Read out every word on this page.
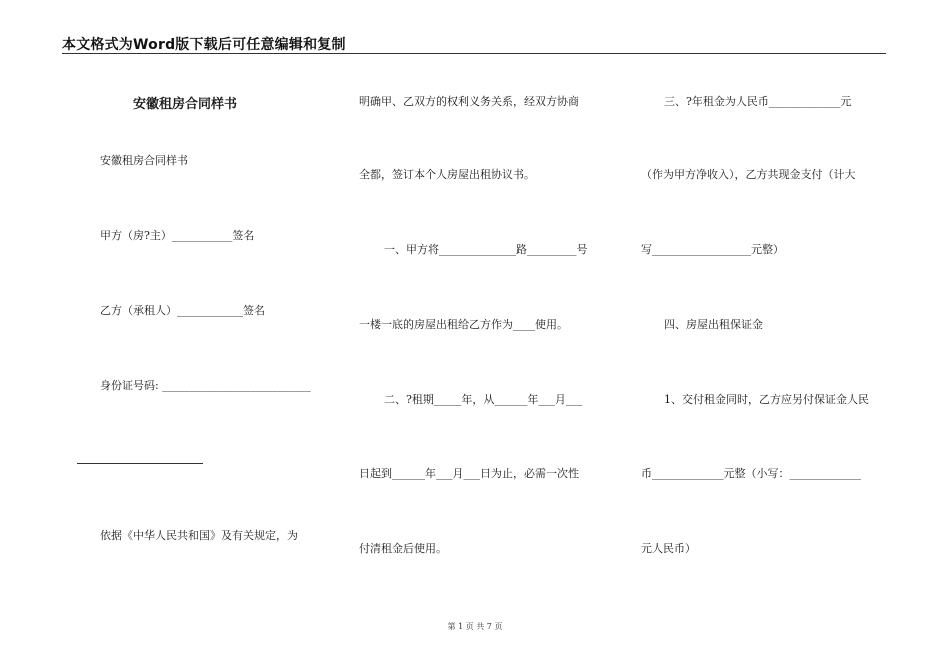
本文格式为Word版下载后可任意编辑和复制
安徽租房合同样书
安徽租房合同样书
甲方（房?主）___________签名
乙方（承租人）____________签名
身份证号码: ___________________________
依据《中华人民共和国》及有关规定，为
明确甲、乙双方的权利义务关系，经双方协商
全都，签订本个人房屋出租协议书。
一、甲方将______________路_________号
一楼一底的房屋出租给乙方作为____使用。
二、?租期_____年，从______年___月___
日起到______年___月___日为止，必需一次性
付清租金后使用。
三、?年租金为人民币_____________元
（作为甲方净收入），乙方共现金支付（计大
写__________________元整）
四、房屋出租保证金
1、交付租金同时，乙方应另付保证金人民
币_____________元整（小写：_____________
元人民币）
第 1 页 共 7 页
